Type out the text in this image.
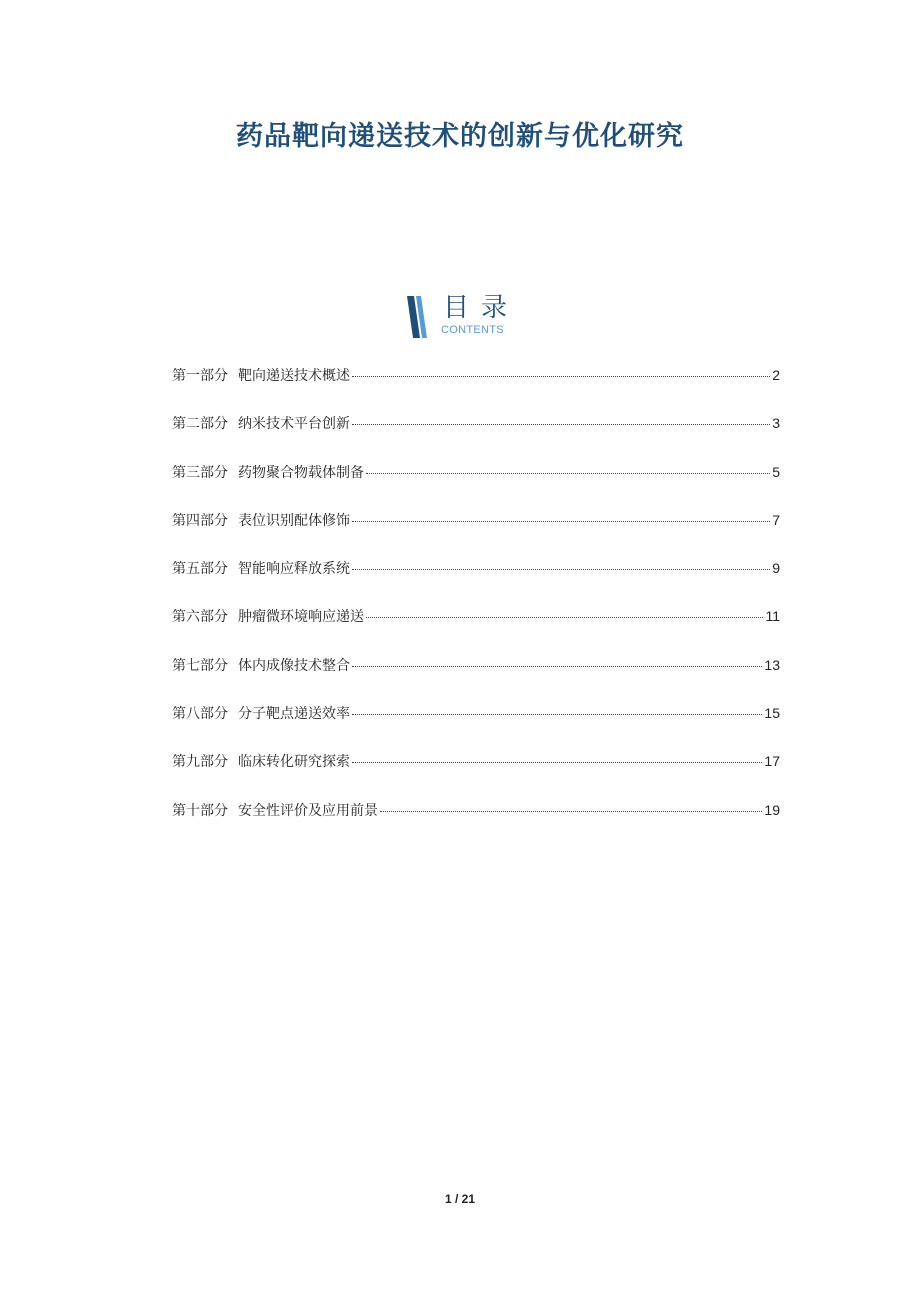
药品靶向递送技术的创新与优化研究
目录
CONTENTS
第一部分 靶向递送技术概述	2
第二部分 纳米技术平台创新	3
第三部分 药物聚合物载体制备	5
第四部分 表位识别配体修饰	7
第五部分 智能响应释放系统	9
第六部分 肿瘤微环境响应递送	11
第七部分 体内成像技术整合	13
第八部分 分子靶点递送效率	15
第九部分 临床转化研究探索	17
第十部分 安全性评价及应用前景	19
1 / 21
